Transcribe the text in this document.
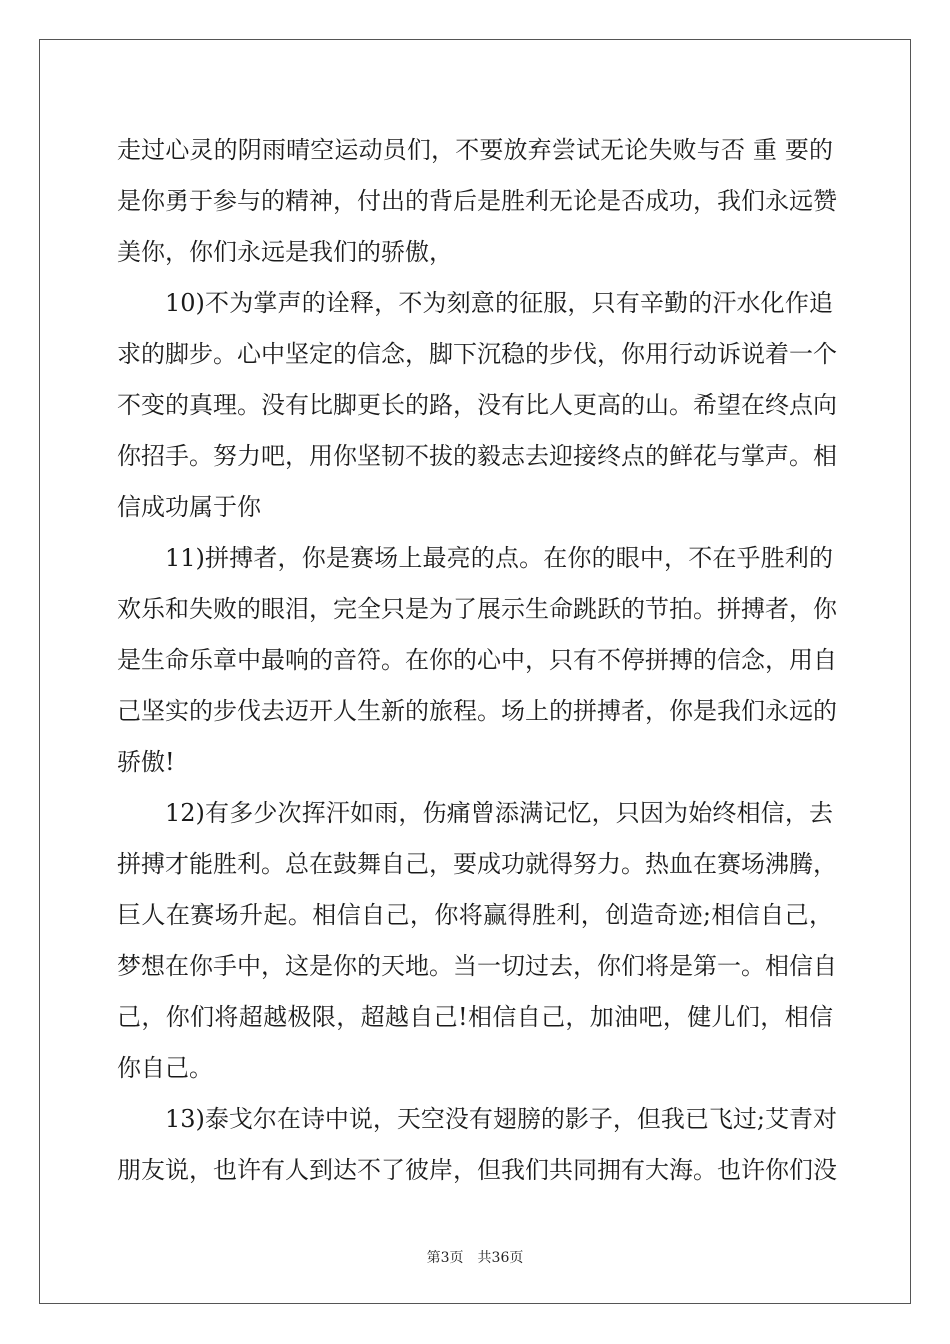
走过心灵的阴雨晴空运动员们，不要放弃尝试无论失败与否 重 要的
是你勇于参与的精神，付出的背后是胜利无论是否成功，我们永远赞
美你，你们永远是我们的骄傲，
10)不为掌声的诠释，不为刻意的征服，只有辛勤的汗水化作追
求的脚步。心中坚定的信念，脚下沉稳的步伐，你用行动诉说着一个
不变的真理。没有比脚更长的路，没有比人更高的山。希望在终点向
你招手。努力吧，用你坚韧不拔的毅志去迎接终点的鲜花与掌声。相
信成功属于你
11)拼搏者，你是赛场上最亮的点。在你的眼中，不在乎胜利的
欢乐和失败的眼泪，完全只是为了展示生命跳跃的节拍。拼搏者，你
是生命乐章中最响的音符。在你的心中，只有不停拼搏的信念，用自
己坚实的步伐去迈开人生新的旅程。场上的拼搏者，你是我们永远的
骄傲!
12)有多少次挥汗如雨，伤痛曾添满记忆，只因为始终相信，去
拼搏才能胜利。总在鼓舞自己，要成功就得努力。热血在赛场沸腾，
巨人在赛场升起。相信自己，你将赢得胜利，创造奇迹;相信自己，
梦想在你手中，这是你的天地。当一切过去，你们将是第一。相信自
己，你们将超越极限，超越自己!相信自己，加油吧，健儿们，相信
你自己。
13)泰戈尔在诗中说，天空没有翅膀的影子，但我已飞过;艾青对
朋友说，也许有人到达不了彼岸，但我们共同拥有大海。也许你们没
第3页 共36页
